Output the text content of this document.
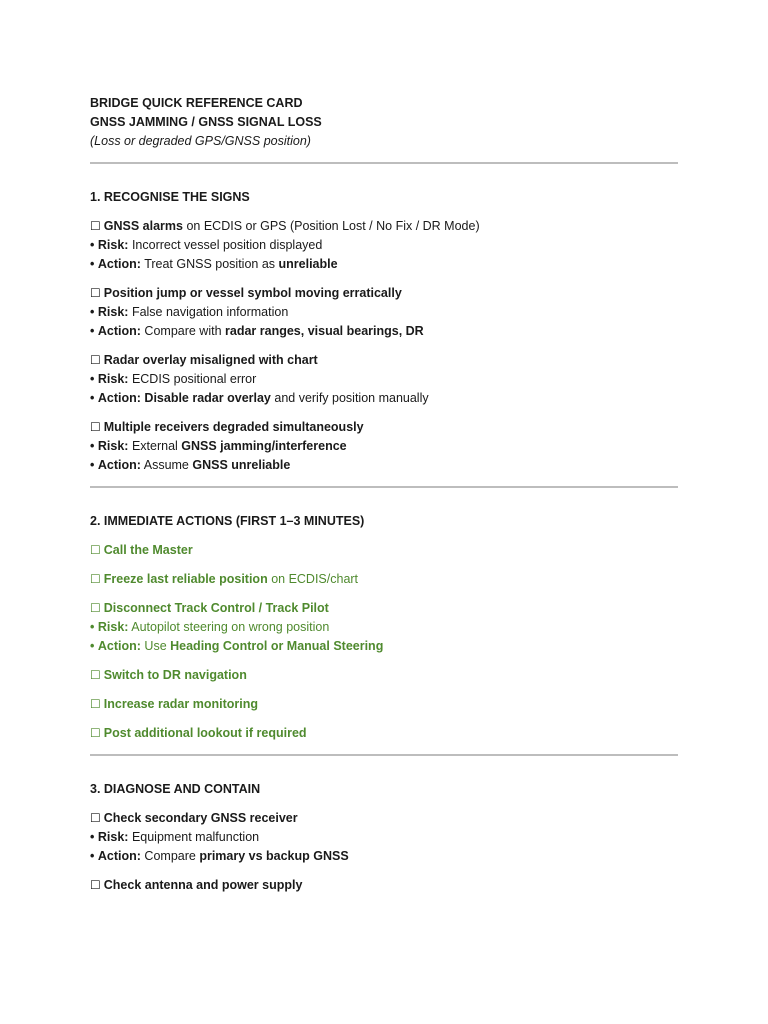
BRIDGE QUICK REFERENCE CARD
GNSS JAMMING / GNSS SIGNAL LOSS
(Loss or degraded GPS/GNSS position)
1. RECOGNISE THE SIGNS
☐ GNSS alarms on ECDIS or GPS (Position Lost / No Fix / DR Mode)
• Risk: Incorrect vessel position displayed
• Action: Treat GNSS position as unreliable
☐ Position jump or vessel symbol moving erratically
• Risk: False navigation information
• Action: Compare with radar ranges, visual bearings, DR
☐ Radar overlay misaligned with chart
• Risk: ECDIS positional error
• Action: Disable radar overlay and verify position manually
☐ Multiple receivers degraded simultaneously
• Risk: External GNSS jamming/interference
• Action: Assume GNSS unreliable
2. IMMEDIATE ACTIONS (FIRST 1–3 MINUTES)
☐ Call the Master
☐ Freeze last reliable position on ECDIS/chart
☐ Disconnect Track Control / Track Pilot
• Risk: Autopilot steering on wrong position
• Action: Use Heading Control or Manual Steering
☐ Switch to DR navigation
☐ Increase radar monitoring
☐ Post additional lookout if required
3. DIAGNOSE AND CONTAIN
☐ Check secondary GNSS receiver
• Risk: Equipment malfunction
• Action: Compare primary vs backup GNSS
☐ Check antenna and power supply
